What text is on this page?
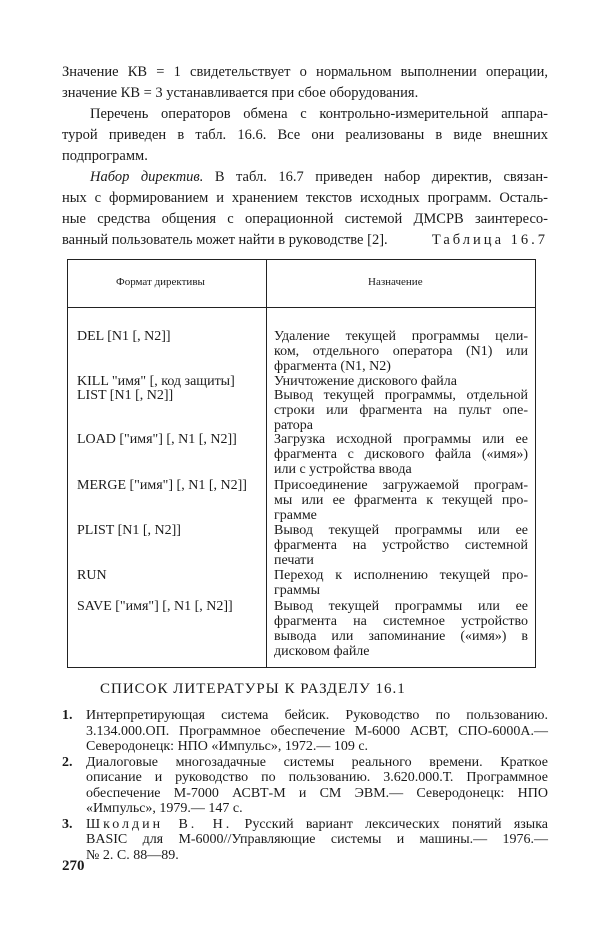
Значение КВ = 1 свидетельствует о нормальном выполнении операции,
значение КВ = 3 устанавливается при сбое оборудования.
Перечень операторов обмена с контрольно-измерительной аппара-
турой приведен в табл. 16.6. Все они реализованы в виде внешних
подпрограмм.
Набор директив. В табл. 16.7 приведен набор директив, связан-
ных с формированием и хранением текстов исходных программ. Осталь-
ные средства общения с операционной системой ДМСРВ заинтересо-
ванный пользователь может найти в руководстве [2].	Таблица 16.7
Формат директивы	Назначение
DEL [N1 [, N2]]	Удаление текущей программы цели-
ком, отдельного оператора (N1) или
фрагмента (N1, N2)
KILL "имя" [, код защиты]	Уничтожение дискового файла
LIST [N1 [, N2]]	Вывод текущей программы, отдельной
строки или фрагмента на пульт опе-
ратора
LOAD ["имя"] [, N1 [, N2]]	Загрузка исходной программы или ее
фрагмента с дискового файла («имя»)
или с устройства ввода
MERGE ["имя"] [, N1 [, N2]] Присоединение загружаемой програм-
мы или ее фрагмента к текущей про-
грамме
PLIST [N1 [, N2]]	Вывод текущей программы или ее
фрагмента на устройство системной
печати
RUN	Переход к исполнению текущей про-
граммы
SAVE ["имя"] [, N1 [, N2]]	Вывод текущей программы или ее
фрагмента на системное устройство
вывода или запоминание («имя») в
дисковом файле
СПИСОК ЛИТЕРАТУРЫ К РАЗДЕЛУ 16.1
1. Интерпретирующая система бейсик. Руководство по пользованию.
3.134.000.ОП. Программное обеспечение М-6000 АСВТ, СПО-6000А.—
Северодонецк: НПО «Импульс», 1972.— 109 с.
2. Диалоговые многозадачные системы реального времени. Краткое
описание и руководство по пользованию. 3.620.000.Т. Программное
обеспечение М-7000 АСВТ-М и СМ ЭВМ.— Северодонецк: НПО
«Импульс», 1979.— 147 с.
3. Школдин В. Н. Русский вариант лексических понятий языка
BASIC для М-6000//Управляющие системы и машины.— 1976.—
№ 2. С. 88—89.
270
